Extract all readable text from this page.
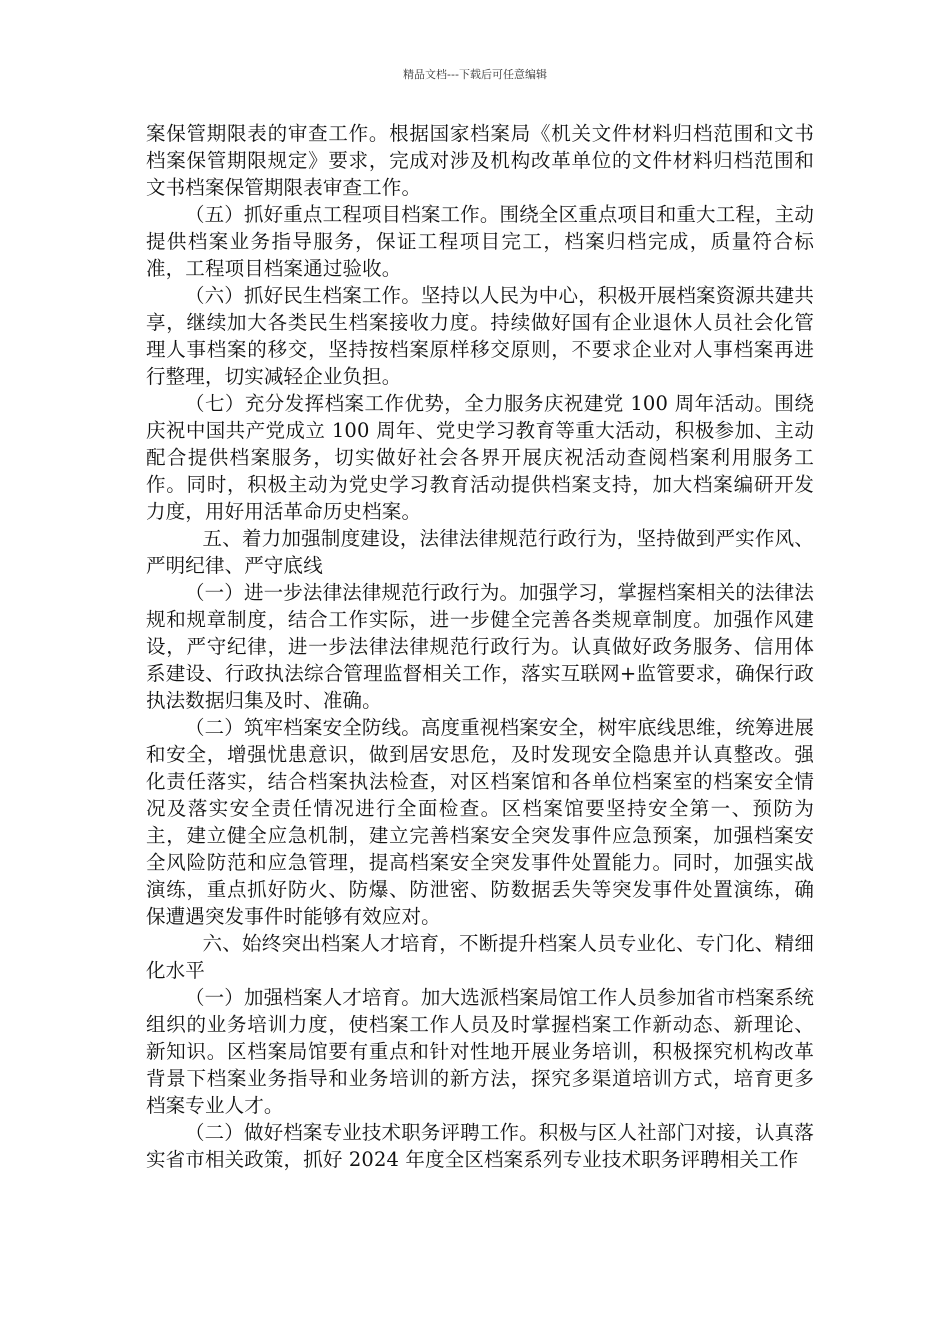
精品文档---下载后可任意编辑

案保管期限表的审查工作。根据国家档案局《机关文件材料归档范围和文书档案保管期限规定》要求，完成对涉及机构改革单位的文件材料归档范围和文书档案保管期限表审查工作。

（五）抓好重点工程项目档案工作。围绕全区重点项目和重大工程，主动提供档案业务指导服务，保证工程项目完工，档案归档完成，质量符合标准，工程项目档案通过验收。

（六）抓好民生档案工作。坚持以人民为中心，积极开展档案资源共建共享，继续加大各类民生档案接收力度。持续做好国有企业退休人员社会化管理人事档案的移交，坚持按档案原样移交原则，不要求企业对人事档案再进行整理，切实减轻企业负担。

（七）充分发挥档案工作优势，全力服务庆祝建党 100 周年活动。围绕庆祝中国共产党成立 100 周年、党史学习教育等重大活动，积极参加、主动配合提供档案服务，切实做好社会各界开展庆祝活动查阅档案利用服务工作。同时，积极主动为党史学习教育活动提供档案支持，加大档案编研开发力度，用好用活革命历史档案。

五、着力加强制度建设，法律法律规范行政行为，坚持做到严实作风、严明纪律、严守底线

（一）进一步法律法律规范行政行为。加强学习，掌握档案相关的法律法规和规章制度，结合工作实际，进一步健全完善各类规章制度。加强作风建设，严守纪律，进一步法律法律规范行政行为。认真做好政务服务、信用体系建设、行政执法综合管理监督相关工作，落实互联网+监管要求，确保行政执法数据归集及时、准确。

（二）筑牢档案安全防线。高度重视档案安全，树牢底线思维，统筹进展和安全，增强忧患意识，做到居安思危，及时发现安全隐患并认真整改。强化责任落实，结合档案执法检查，对区档案馆和各单位档案室的档案安全情况及落实安全责任情况进行全面检查。区档案馆要坚持安全第一、预防为主，建立健全应急机制，建立完善档案安全突发事件应急预案，加强档案安全风险防范和应急管理，提高档案安全突发事件处置能力。同时，加强实战演练，重点抓好防火、防爆、防泄密、防数据丢失等突发事件处置演练，确保遭遇突发事件时能够有效应对。

六、始终突出档案人才培育，不断提升档案人员专业化、专门化、精细化水平

（一）加强档案人才培育。加大选派档案局馆工作人员参加省市档案系统组织的业务培训力度，使档案工作人员及时掌握档案工作新动态、新理论、新知识。区档案局馆要有重点和针对性地开展业务培训，积极探究机构改革背景下档案业务指导和业务培训的新方法，探究多渠道培训方式，培育更多档案专业人才。

（二）做好档案专业技术职务评聘工作。积极与区人社部门对接，认真落实省市相关政策，抓好 2024 年度全区档案系列专业技术职务评聘相关工作
